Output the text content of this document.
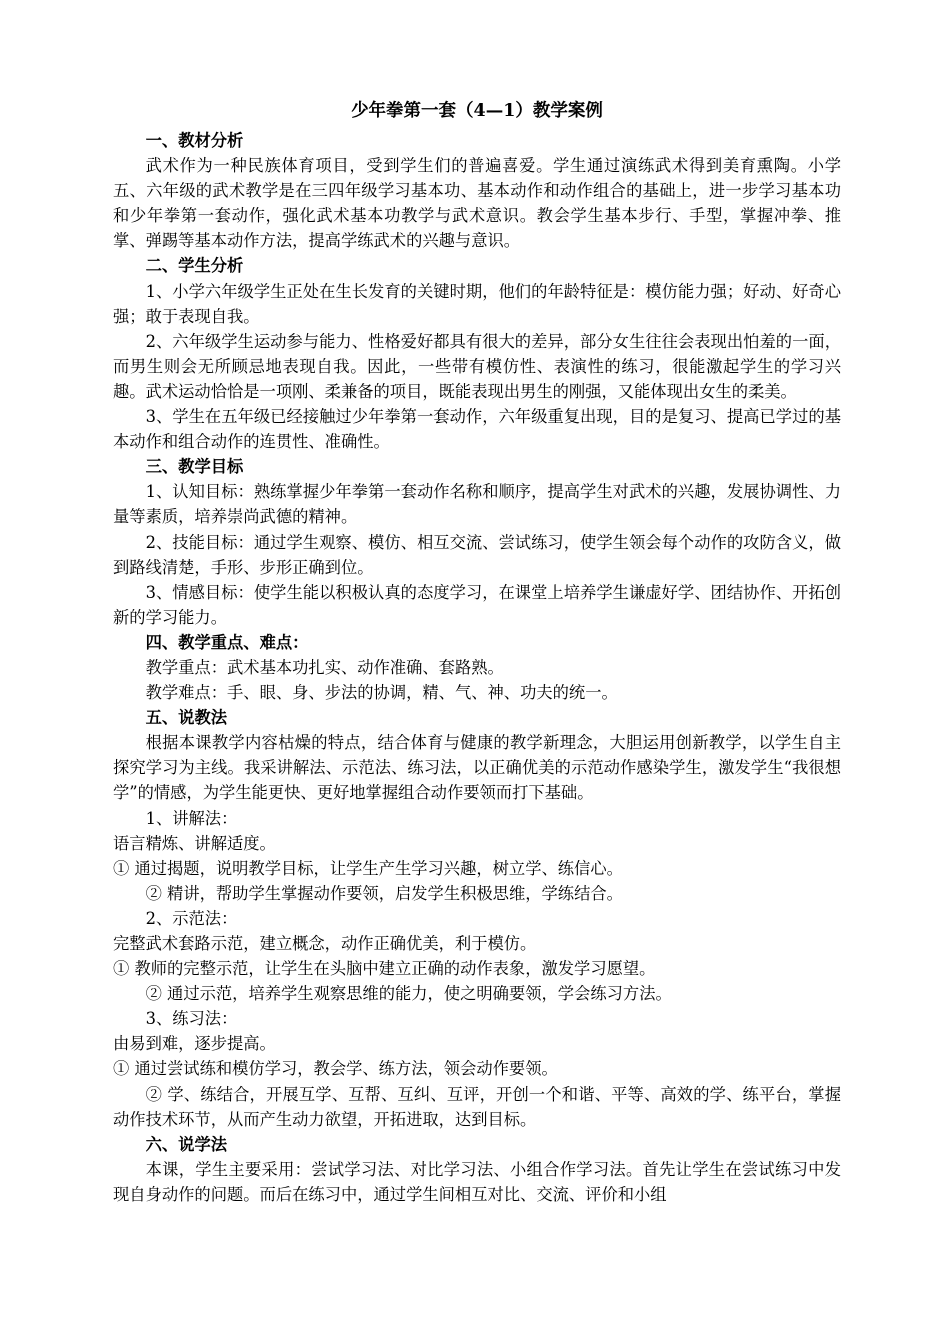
少年拳第一套（4—1）教学案例
一、教材分析
武术作为一种民族体育项目，受到学生们的普遍喜爱。学生通过演练武术得到美育熏陶。小学五、六年级的武术教学是在三四年级学习基本功、基本动作和动作组合的基础上，进一步学习基本功和少年拳第一套动作，强化武术基本功教学与武术意识。教会学生基本步行、手型，掌握冲拳、推掌、弹踢等基本动作方法，提高学练武术的兴趣与意识。
二、学生分析
1、小学六年级学生正处在生长发育的关键时期，他们的年龄特征是：模仿能力强；好动、好奇心强；敢于表现自我。
2、六年级学生运动参与能力、性格爱好都具有很大的差异，部分女生往往会表现出怕羞的一面，而男生则会无所顾忌地表现自我。因此，一些带有模仿性、表演性的练习，很能激起学生的学习兴趣。武术运动恰恰是一项刚、柔兼备的项目，既能表现出男生的刚强，又能体现出女生的柔美。
3、学生在五年级已经接触过少年拳第一套动作，六年级重复出现，目的是复习、提高已学过的基本动作和组合动作的连贯性、准确性。
三、教学目标
1、认知目标：熟练掌握少年拳第一套动作名称和顺序，提高学生对武术的兴趣，发展协调性、力量等素质，培养崇尚武德的精神。
2、技能目标：通过学生观察、模仿、相互交流、尝试练习，使学生领会每个动作的攻防含义，做到路线清楚，手形、步形正确到位。
3、情感目标：使学生能以积极认真的态度学习，在课堂上培养学生谦虚好学、团结协作、开拓创新的学习能力。
四、教学重点、难点：
教学重点：武术基本功扎实、动作准确、套路熟。
教学难点：手、眼、身、步法的协调，精、气、神、功夫的统一。
五、说教法
根据本课教学内容枯燥的特点，结合体育与健康的教学新理念，大胆运用创新教学，以学生自主探究学习为主线。我采讲解法、示范法、练习法，以正确优美的示范动作感染学生，激发学生“我很想学”的情感，为学生能更快、更好地掌握组合动作要领而打下基础。
1、讲解法：
语言精炼、讲解适度。
① 通过揭题，说明教学目标，让学生产生学习兴趣，树立学、练信心。
② 精讲，帮助学生掌握动作要领，启发学生积极思维，学练结合。
2、示范法：
完整武术套路示范，建立概念，动作正确优美，利于模仿。
① 教师的完整示范，让学生在头脑中建立正确的动作表象，激发学习愿望。
② 通过示范，培养学生观察思维的能力，使之明确要领，学会练习方法。
3、练习法：
由易到难，逐步提高。
① 通过尝试练和模仿学习，教会学、练方法，领会动作要领。
② 学、练结合，开展互学、互帮、互纠、互评，开创一个和谐、平等、高效的学、练平台，掌握动作技术环节，从而产生动力欲望，开拓进取，达到目标。
六、说学法
本课，学生主要采用：尝试学习法、对比学习法、小组合作学习法。首先让学生在尝试练习中发现自身动作的问题。而后在练习中，通过学生间相互对比、交流、评价和小组
